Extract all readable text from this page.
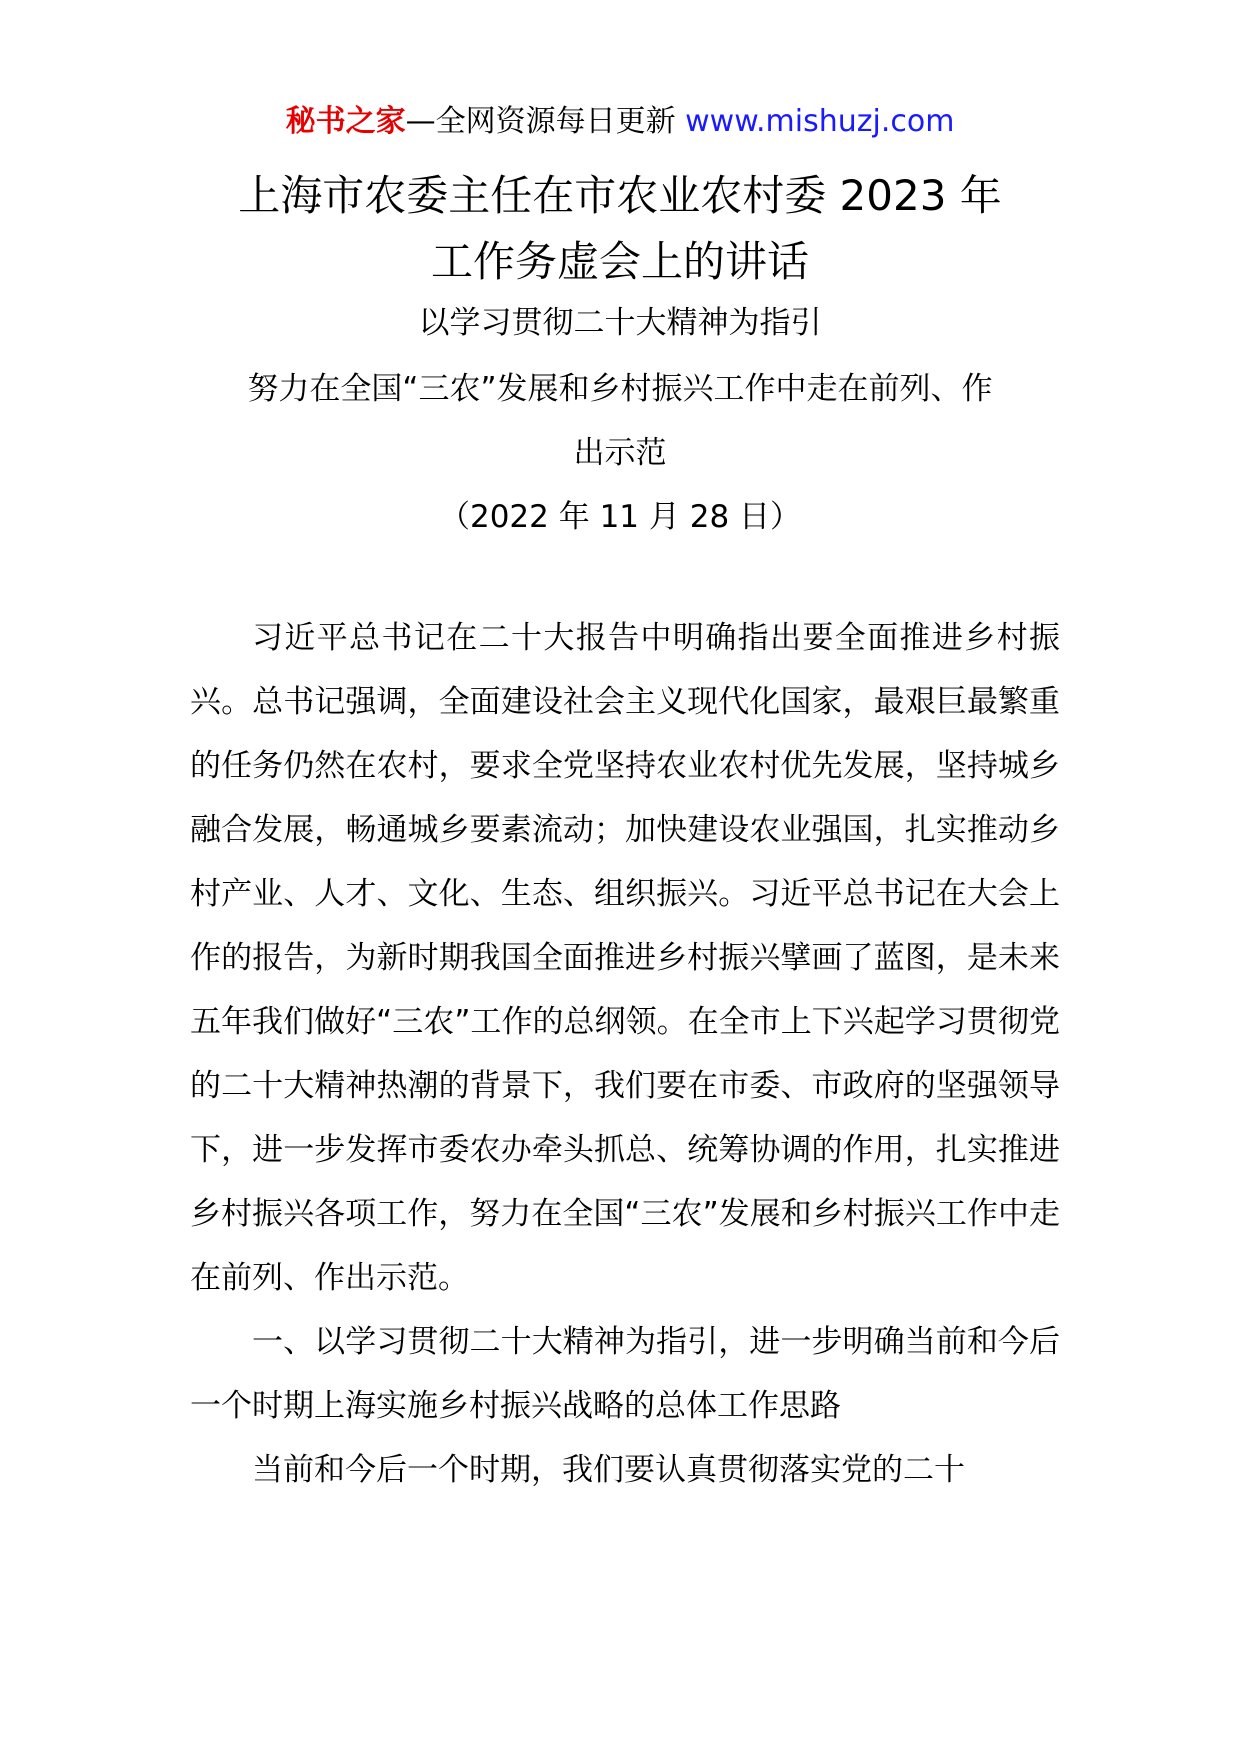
秘书之家—全网资源每日更新 www.mishuzj.com
上海市农委主任在市农业农村委 2023 年
工作务虚会上的讲话
以学习贯彻二十大精神为指引
努力在全国“三农”发展和乡村振兴工作中走在前列、作
出示范
（2022 年 11 月 28 日）

习近平总书记在二十大报告中明确指出要全面推进乡村振兴。总书记强调，全面建设社会主义现代化国家，最艰巨最繁重的任务仍然在农村，要求全党坚持农业农村优先发展，坚持城乡融合发展，畅通城乡要素流动；加快建设农业强国，扎实推动乡村产业、人才、文化、生态、组织振兴。习近平总书记在大会上作的报告，为新时期我国全面推进乡村振兴擘画了蓝图，是未来五年我们做好“三农”工作的总纲领。在全市上下兴起学习贯彻党的二十大精神热潮的背景下，我们要在市委、市政府的坚强领导下，进一步发挥市委农办牵头抓总、统筹协调的作用，扎实推进乡村振兴各项工作，努力在全国“三农”发展和乡村振兴工作中走在前列、作出示范。

一、以学习贯彻二十大精神为指引，进一步明确当前和今后一个时期上海实施乡村振兴战略的总体工作思路

当前和今后一个时期，我们要认真贯彻落实党的二十
